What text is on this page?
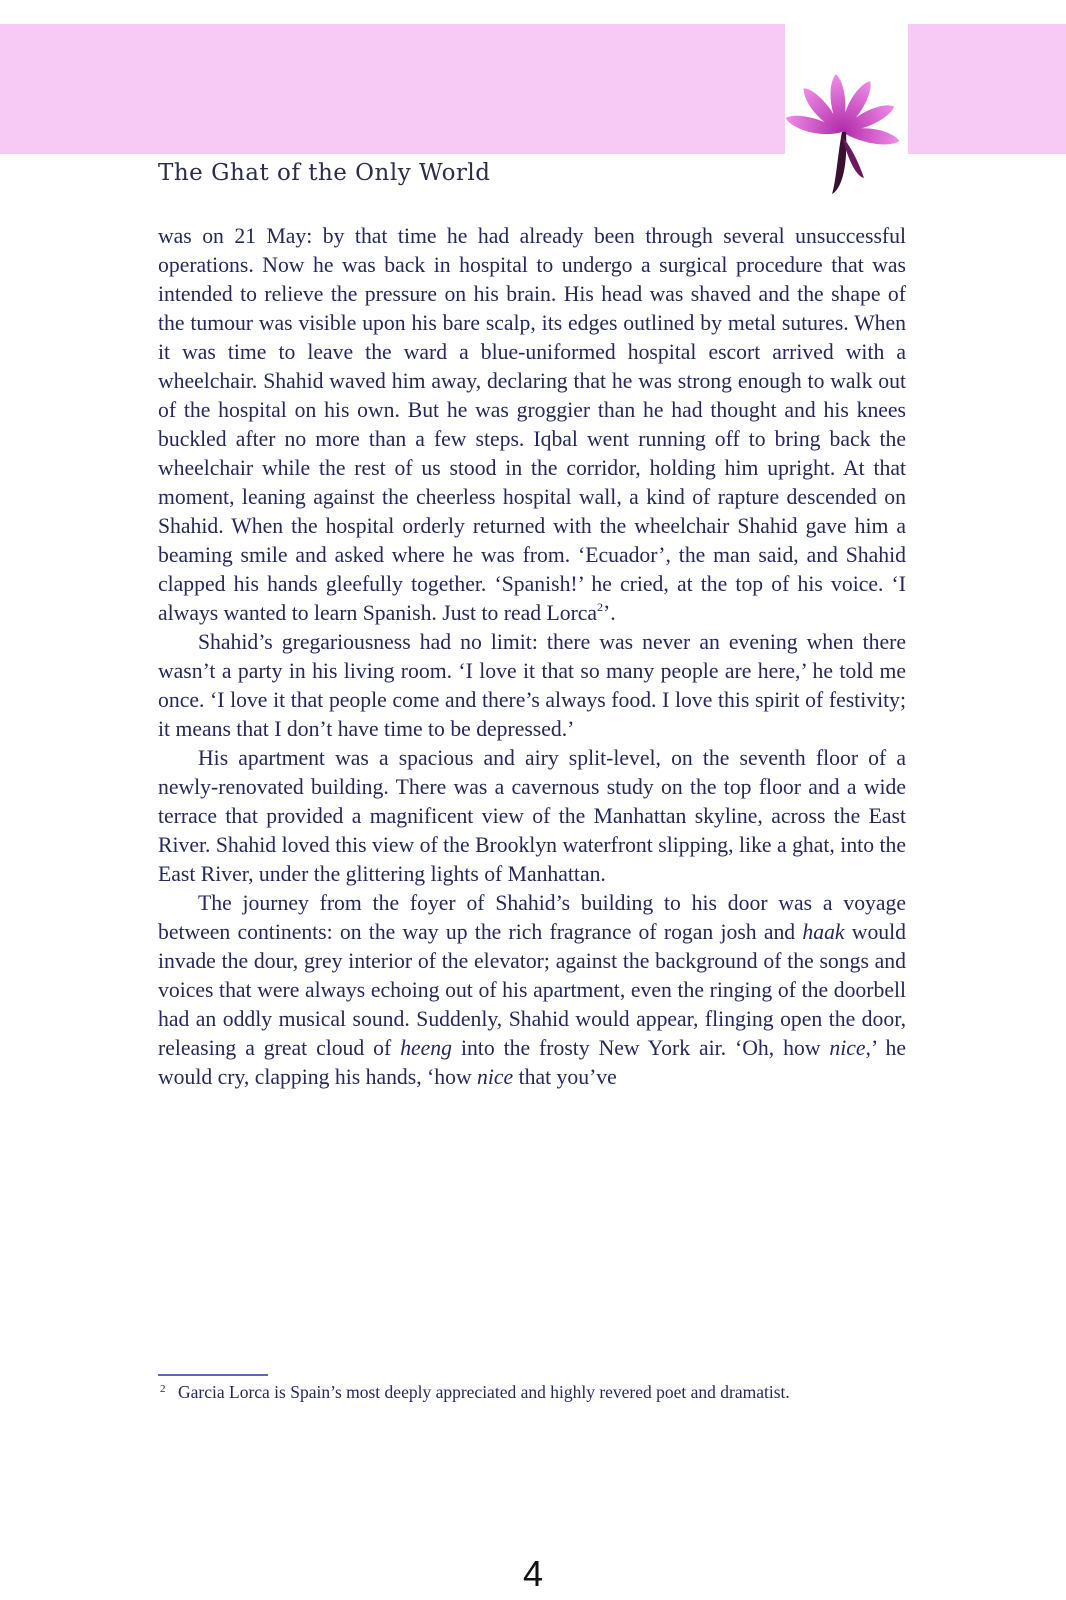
The Ghat of the Only World

was on 21 May: by that time he had already been through several unsuccessful operations. Now he was back in hospital to undergo a surgical procedure that was intended to relieve the pressure on his brain. His head was shaved and the shape of the tumour was visible upon his bare scalp, its edges outlined by metal sutures. When it was time to leave the ward a blue-uniformed hospital escort arrived with a wheelchair. Shahid waved him away, declaring that he was strong enough to walk out of the hospital on his own. But he was groggier than he had thought and his knees buckled after no more than a few steps. Iqbal went running off to bring back the wheelchair while the rest of us stood in the corridor, holding him upright. At that moment, leaning against the cheerless hospital wall, a kind of rapture descended on Shahid. When the hospital orderly returned with the wheelchair Shahid gave him a beaming smile and asked where he was from. ‘Ecuador’, the man said, and Shahid clapped his hands gleefully together. ‘Spanish!’ he cried, at the top of his voice. ‘I always wanted to learn Spanish. Just to read Lorca$^2$’.

Shahid’s gregariousness had no limit: there was never an evening when there wasn’t a party in his living room. ‘I love it that so many people are here,’ he told me once. ‘I love it that people come and there’s always food. I love this spirit of festivity; it means that I don’t have time to be depressed.’

His apartment was a spacious and airy split-level, on the seventh floor of a newly-renovated building. There was a cavernous study on the top floor and a wide terrace that provided a magnificent view of the Manhattan skyline, across the East River. Shahid loved this view of the Brooklyn waterfront slipping, like a ghat, into the East River, under the glittering lights of Manhattan.

The journey from the foyer of Shahid’s building to his door was a voyage between continents: on the way up the rich fragrance of rogan josh and haak would invade the dour, grey interior of the elevator; against the background of the songs and voices that were always echoing out of his apartment, even the ringing of the doorbell had an oddly musical sound. Suddenly, Shahid would appear, flinging open the door, releasing a great cloud of heeng into the frosty New York air. ‘Oh, how nice,’ he would cry, clapping his hands, ‘how nice that you’ve

2 Garcia Lorca is Spain’s most deeply appreciated and highly revered poet and dramatist.
4
